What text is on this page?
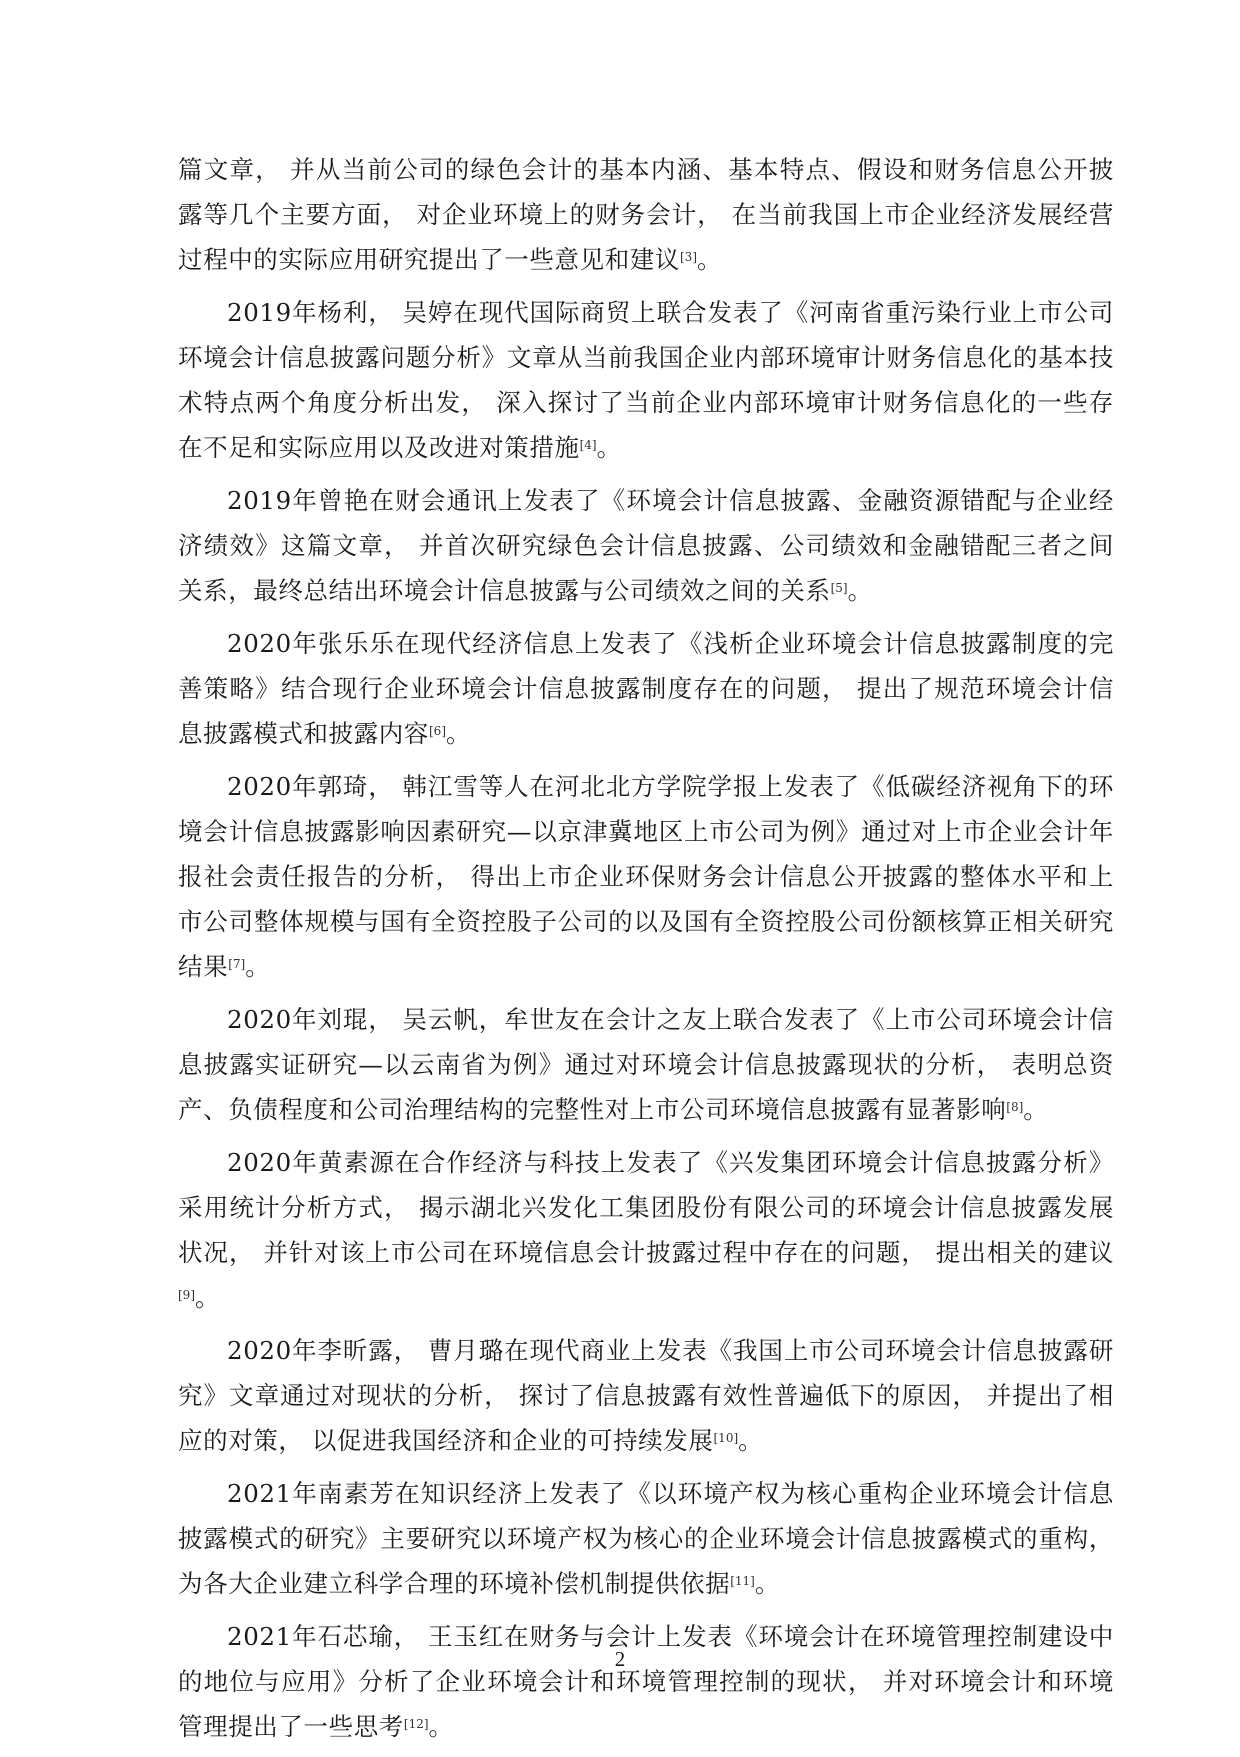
篇文章， 并从当前公司的绿色会计的基本内涵、基本特点、假设和财务信息公开披露等几个主要方面， 对企业环境上的财务会计， 在当前我国上市企业经济发展经营过程中的实际应用研究提出了一些意见和建议[3]。

2019年杨利， 吴婷在现代国际商贸上联合发表了《河南省重污染行业上市公司环境会计信息披露问题分析》文章从当前我国企业内部环境审计财务信息化的基本技术特点两个角度分析出发， 深入探讨了当前企业内部环境审计财务信息化的一些存在不足和实际应用以及改进对策措施[4]。

2019年曾艳在财会通讯上发表了《环境会计信息披露、金融资源错配与企业经济绩效》这篇文章， 并首次研究绿色会计信息披露、公司绩效和金融错配三者之间关系，最终总结出环境会计信息披露与公司绩效之间的关系[5]。

2020年张乐乐在现代经济信息上发表了《浅析企业环境会计信息披露制度的完善策略》结合现行企业环境会计信息披露制度存在的问题， 提出了规范环境会计信息披露模式和披露内容[6]。

2020年郭琦， 韩江雪等人在河北北方学院学报上发表了《低碳经济视角下的环境会计信息披露影响因素研究—以京津冀地区上市公司为例》通过对上市企业会计年报社会责任报告的分析， 得出上市企业环保财务会计信息公开披露的整体水平和上市公司整体规模与国有全资控股子公司的以及国有全资控股公司份额核算正相关研究结果[7]。

2020年刘琨， 吴云帆，牟世友在会计之友上联合发表了《上市公司环境会计信息披露实证研究—以云南省为例》通过对环境会计信息披露现状的分析， 表明总资产、负债程度和公司治理结构的完整性对上市公司环境信息披露有显著影响[8]。

2020年黄素源在合作经济与科技上发表了《兴发集团环境会计信息披露分析》采用统计分析方式， 揭示湖北兴发化工集团股份有限公司的环境会计信息披露发展状况， 并针对该上市公司在环境信息会计披露过程中存在的问题， 提出相关的建议[9]。

2020年李昕露， 曹月璐在现代商业上发表《我国上市公司环境会计信息披露研究》文章通过对现状的分析， 探讨了信息披露有效性普遍低下的原因， 并提出了相应的对策， 以促进我国经济和企业的可持续发展[10]。

2021年南素芳在知识经济上发表了《以环境产权为核心重构企业环境会计信息披露模式的研究》主要研究以环境产权为核心的企业环境会计信息披露模式的重构， 为各大企业建立科学合理的环境补偿机制提供依据[11]。

2021年石芯瑜， 王玉红在财务与会计上发表《环境会计在环境管理控制建设中的地位与应用》分析了企业环境会计和环境管理控制的现状， 并对环境会计和环境管理提出了一些思考[12]。

2
